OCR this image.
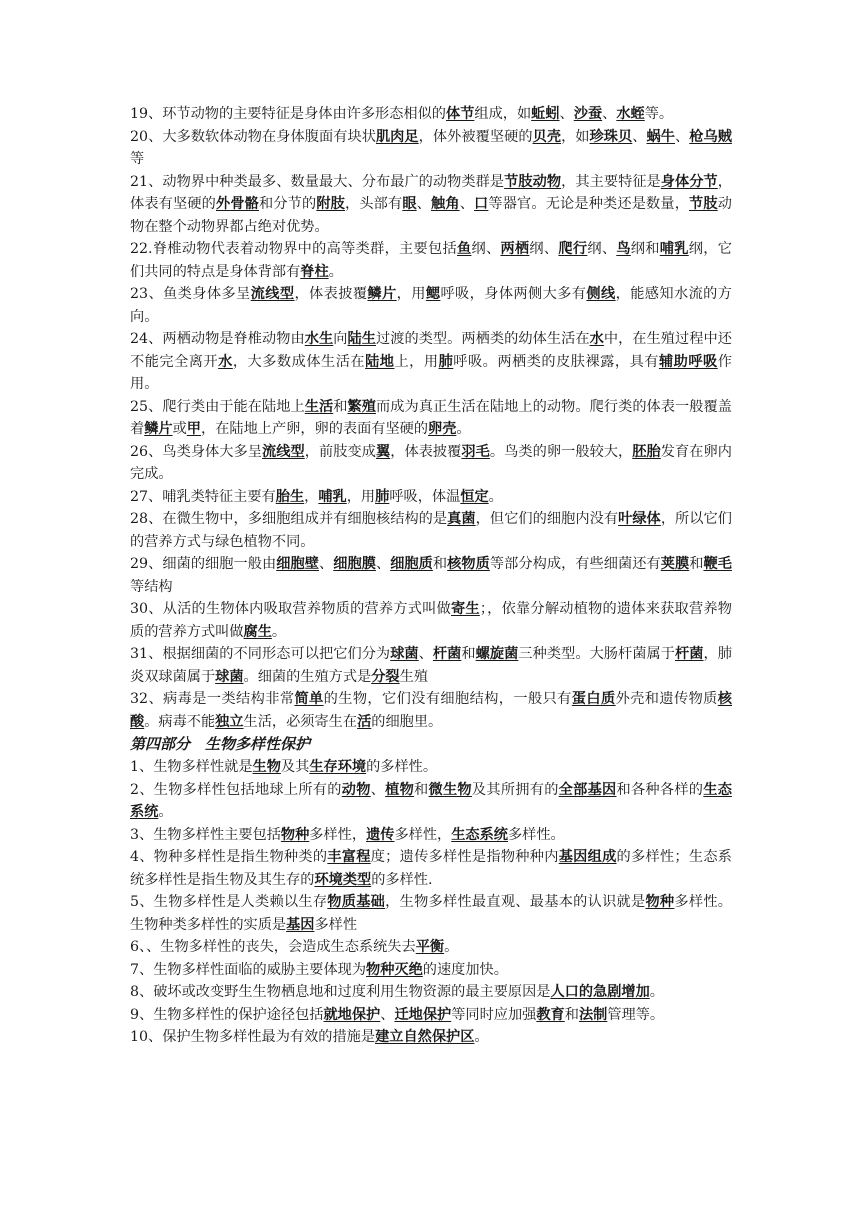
19、环节动物的主要特征是身体由许多形态相似的体节组成，如蚯蚓、沙蚕、水蛭等。

20、大多数软体动物在身体腹面有块状肌肉足，体外被覆坚硬的贝壳，如珍珠贝、蜗牛、枪乌贼等

21、动物界中种类最多、数量最大、分布最广的动物类群是节肢动物，其主要特征是身体分节，体表有坚硬的外骨骼和分节的附肢，头部有眼、触角、口等器官。无论是种类还是数量，节肢动物在整个动物界都占绝对优势。

22.脊椎动物代表着动物界中的高等类群，主要包括鱼纲、两栖纲、爬行纲、鸟纲和哺乳纲，它们共同的特点是身体背部有脊柱。

23、鱼类身体多呈流线型，体表披覆鳞片，用鳃呼吸，身体两侧大多有侧线，能感知水流的方向。

24、两栖动物是脊椎动物由水生向陆生过渡的类型。两栖类的幼体生活在水中，在生殖过程中还不能完全离开水，大多数成体生活在陆地上，用肺呼吸。两栖类的皮肤裸露，具有辅助呼吸作用。

25、爬行类由于能在陆地上生活和繁殖而成为真正生活在陆地上的动物。爬行类的体表一般覆盖着鳞片或甲，在陆地上产卵，卵的表面有坚硬的卵壳。

26、鸟类身体大多呈流线型，前肢变成翼，体表披覆羽毛。鸟类的卵一般较大，胚胎发育在卵内完成。

27、哺乳类特征主要有胎生，哺乳，用肺呼吸，体温恒定。

28、在微生物中，多细胞组成并有细胞核结构的是真菌，但它们的细胞内没有叶绿体，所以它们的营养方式与绿色植物不同。

29、细菌的细胞一般由细胞壁、细胞膜、细胞质和核物质等部分构成，有些细菌还有荚膜和鞭毛等结构

30、从活的生物体内吸取营养物质的营养方式叫做寄生；，依靠分解动植物的遗体来获取营养物质的营养方式叫做腐生。

31、根据细菌的不同形态可以把它们分为球菌、杆菌和螺旋菌三种类型。大肠杆菌属于杆菌，肺炎双球菌属于球菌。细菌的生殖方式是分裂生殖

32、病毒是一类结构非常简单的生物，它们没有细胞结构，一般只有蛋白质外壳和遗传物质核酸。病毒不能独立生活，必须寄生在活的细胞里。

第四部分　生物多样性保护

1、生物多样性就是生物及其生存环境的多样性。

2、生物多样性包括地球上所有的动物、植物和微生物及其所拥有的全部基因和各种各样的生态系统。

3、生物多样性主要包括物种多样性，遗传多样性，生态系统多样性。

4、物种多样性是指生物种类的丰富程度；遗传多样性是指物种种内基因组成的多样性；生态系统多样性是指生物及其生存的环境类型的多样性.

5、生物多样性是人类赖以生存物质基础，生物多样性最直观、最基本的认识就是物种多样性。生物种类多样性的实质是基因多样性

6、、生物多样性的丧失，会造成生态系统失去平衡。

7、生物多样性面临的威胁主要体现为物种灭绝的速度加快。

8、破坏或改变野生生物栖息地和过度利用生物资源的最主要原因是人口的急剧增加。

9、生物多样性的保护途径包括就地保护、迁地保护等同时应加强教育和法制管理等。

10、保护生物多样性最为有效的措施是建立自然保护区。
